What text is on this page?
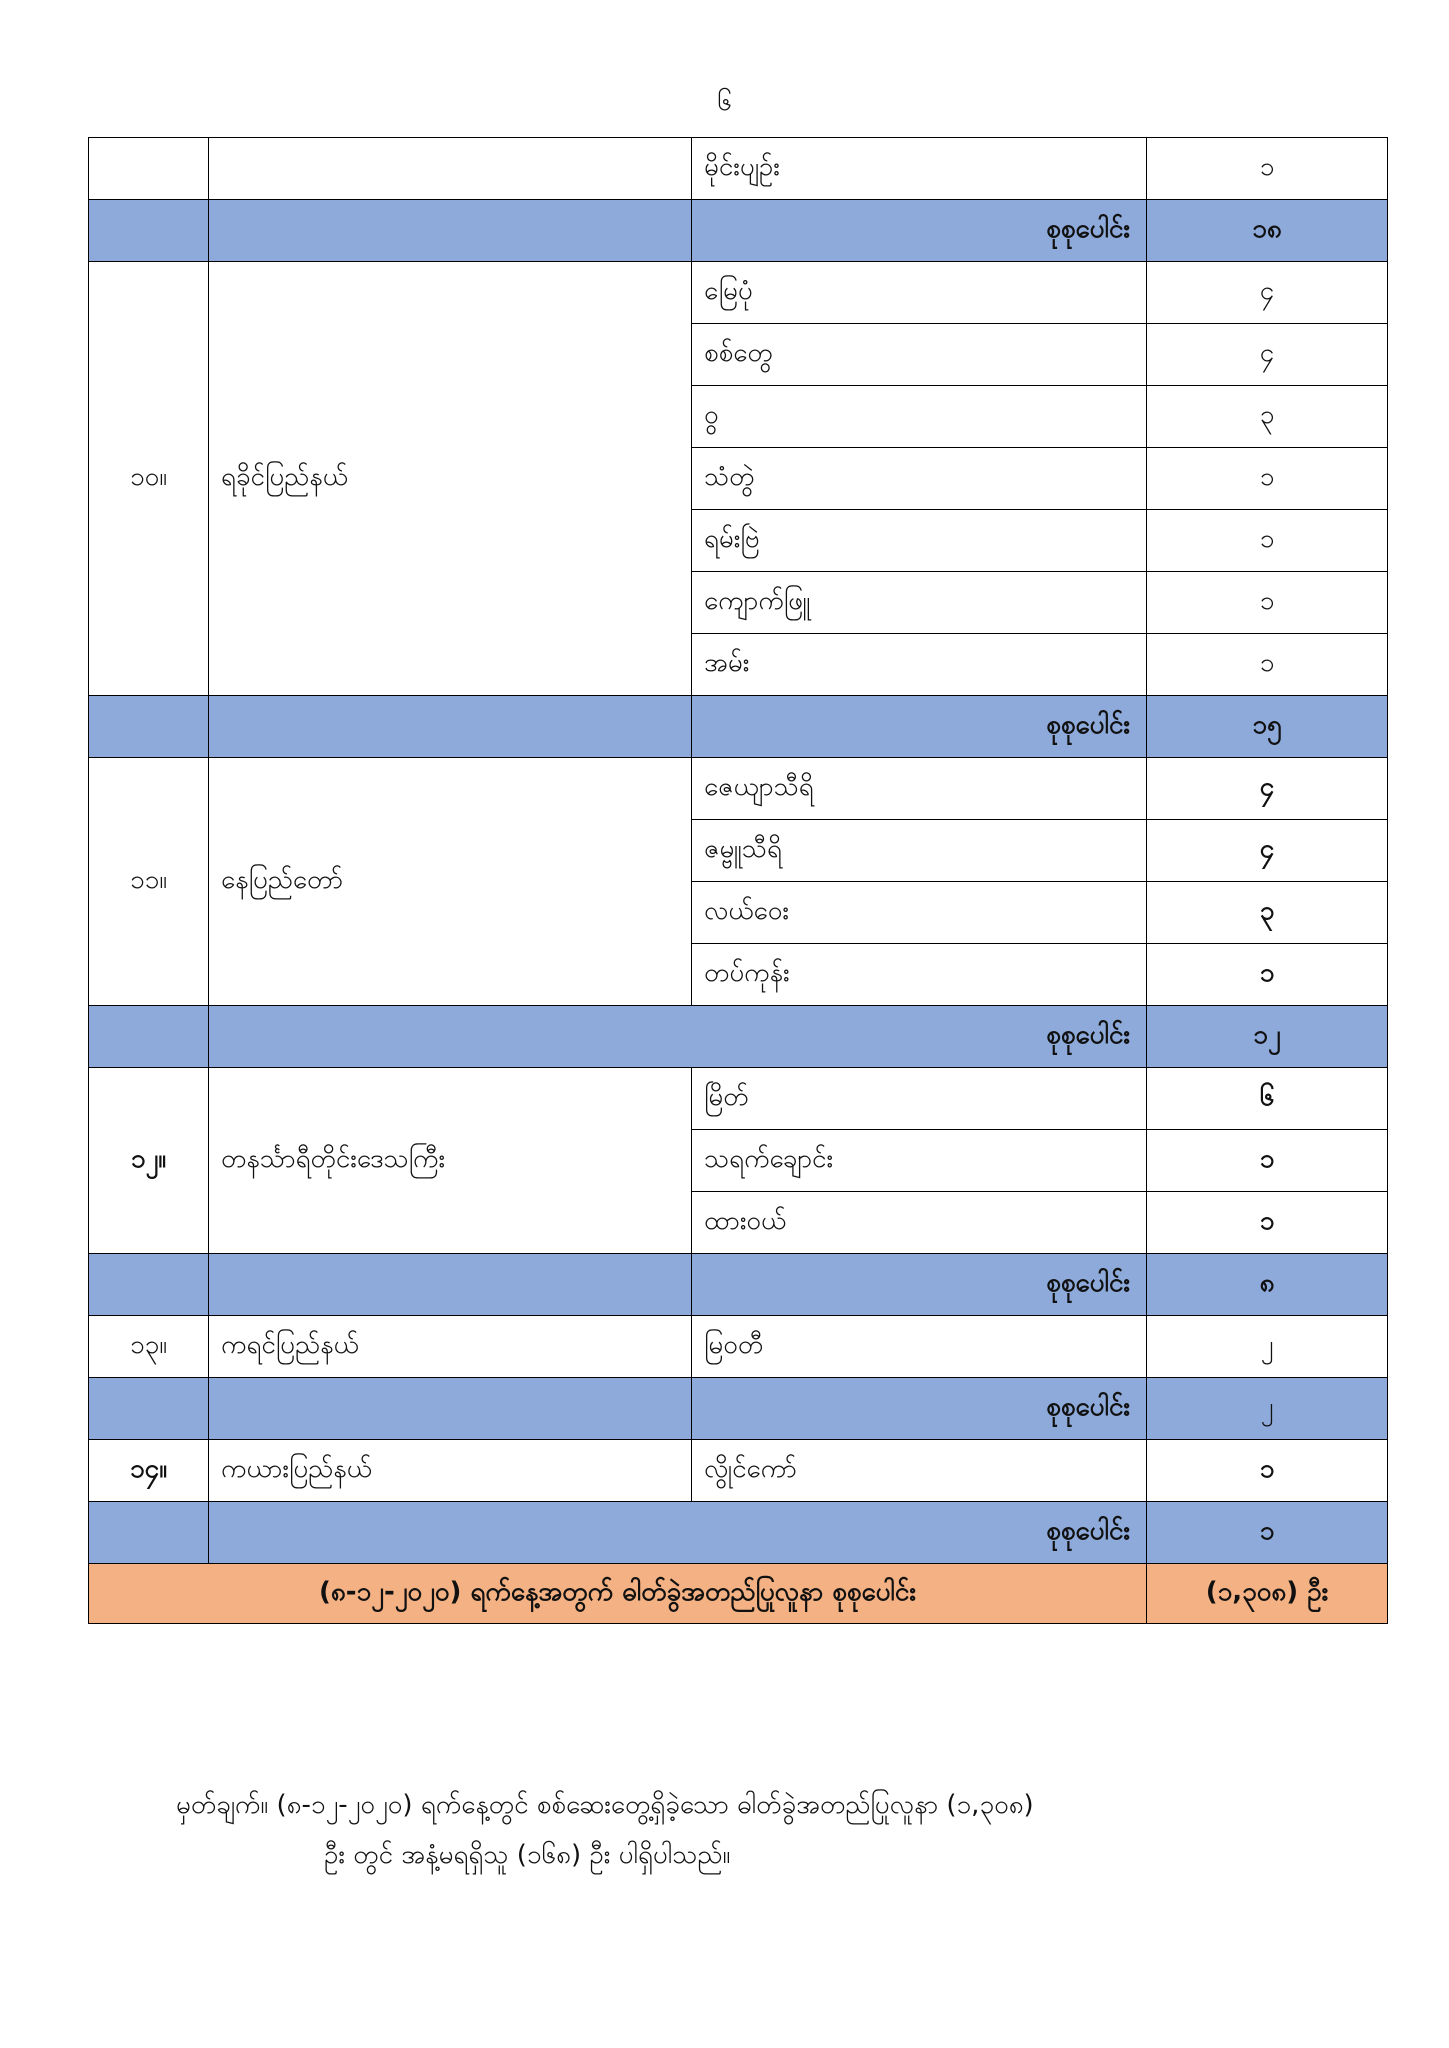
၆
		မိုင်းပျဉ်း	၁
		စုစုပေါင်း	၁၈
၁၀။	ရခိုင်ပြည်နယ်	မြေပုံ	၄
		စစ်တွေ	၄
		ဝွ	၃
		သံတွဲ	၁
		ရမ်းဗြဲ	၁
		ကျောက်ဖြူ	၁
		အမ်း	၁
		စုစုပေါင်း	၁၅
၁၁။	နေပြည်တော်	ဇေယျာသီရိ	၄
		ဇမ္ဗူသီရိ	၄
		လယ်ဝေး	၃
		တပ်ကုန်း	၁
	စုစုပေါင်း		၁၂
၁၂။	တနင်္သာရီတိုင်းဒေသကြီး	မြိတ်	၆
		သရက်ချောင်း	၁
		ထားဝယ်	၁
		စုစုပေါင်း	၈
၁၃။	ကရင်ပြည်နယ်	မြဝတီ	၂
		စုစုပေါင်း	၂
၁၄။	ကယားပြည်နယ်	လွိုင်ကော်	၁
	စုစုပေါင်း		၁
(၈-၁၂-၂၀၂၀) ရက်နေ့အတွက် ဓါတ်ခွဲအတည်ပြုလူနာ စုစုပေါင်း			(၁,၃၀၈) ဦး
မှတ်ချက်။ (၈-၁၂-၂၀၂၀) ရက်နေ့တွင် စစ်ဆေးတွေ့ရှိခဲ့သော ဓါတ်ခွဲအတည်ပြုလူနာ (၁,၃၀၈)
ဦး တွင် အနံ့မရရှိသူ (၁၆၈) ဦး ပါရှိပါသည်။
